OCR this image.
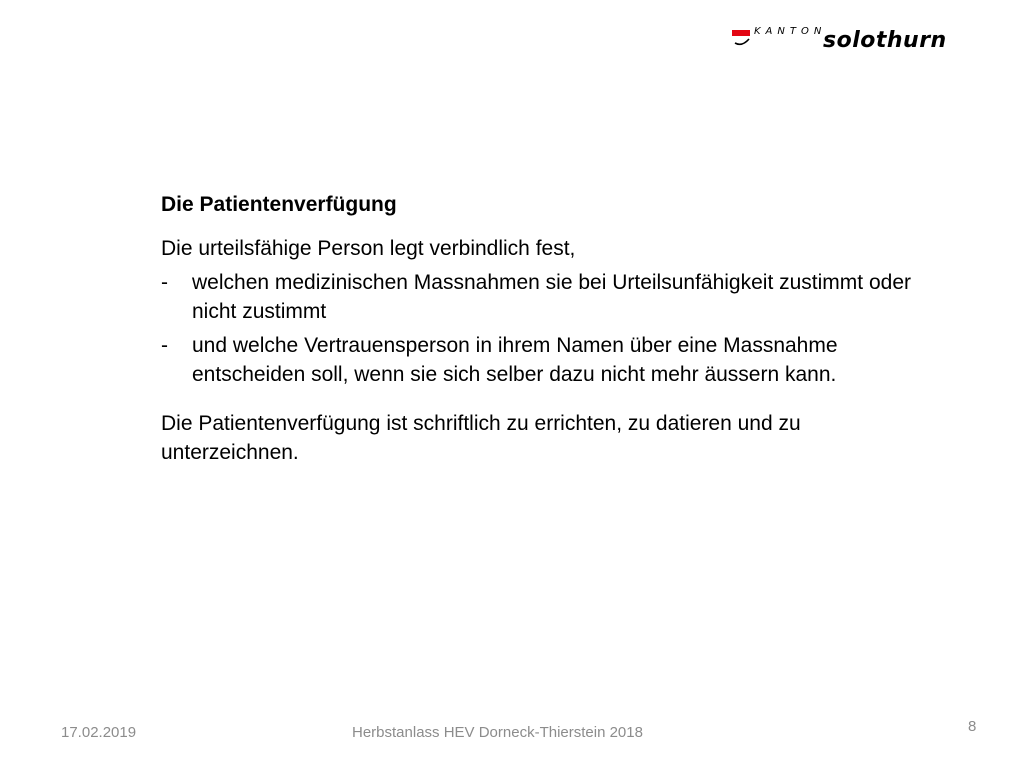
KANTON
solothurn
Die Patientenverfügung
Die urteilsfähige Person legt verbindlich fest,
- welchen medizinischen Massnahmen sie bei Urteilsunfähigkeit zustimmt oder nicht zustimmt
- und welche Vertrauensperson in ihrem Namen über eine Massnahme entscheiden soll, wenn sie sich selber dazu nicht mehr äussern kann.
Die Patientenverfügung ist schriftlich zu errichten, zu datieren und zu unterzeichnen.
17.02.2019	Herbstanlass HEV Dorneck-Thierstein 2018	8
